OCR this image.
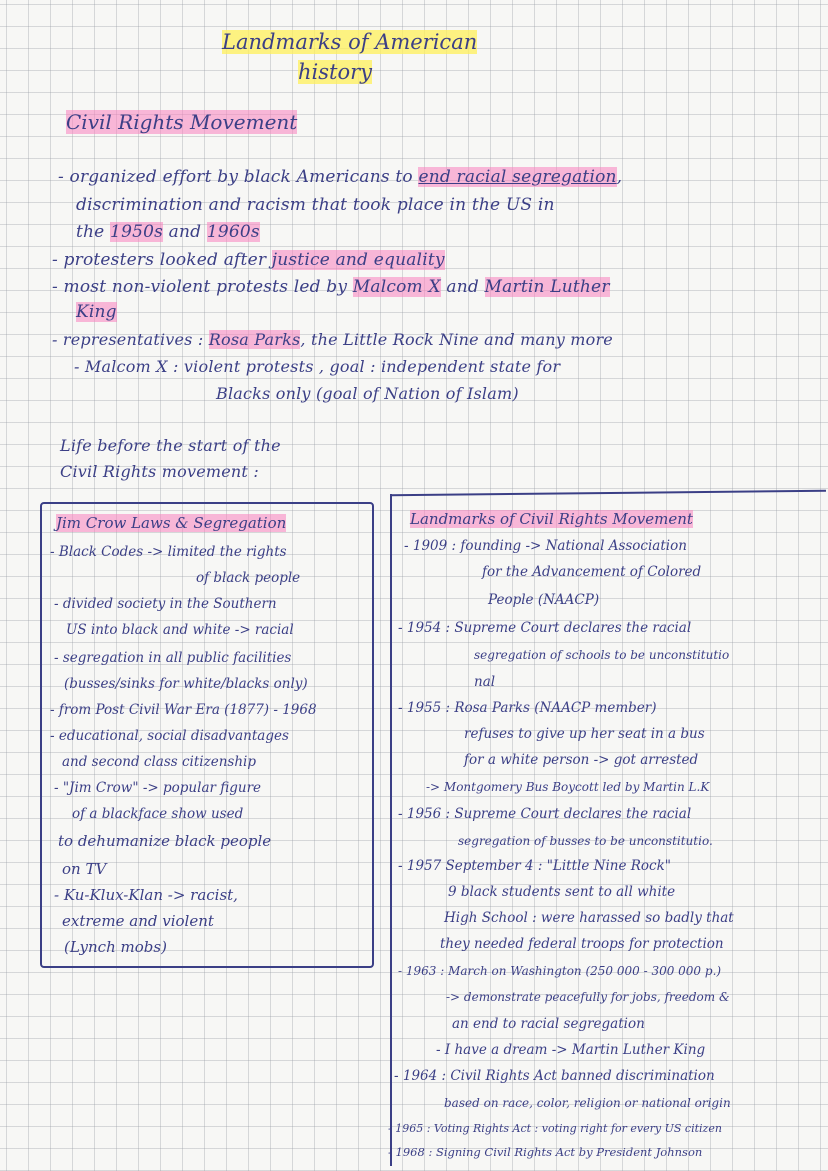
Landmarks of American
history
Civil Rights Movement
- organized effort by black Americans to end racial segregation,
discrimination and racism that took place in the US in
the 1950s and 1960s
- protesters looked after justice and equality
- most non-violent protests led by Malcom X and Martin Luther
King
- representatives : Rosa Parks, the Little Rock Nine and many more
- Malcom X : violent protests , goal : independent state for
Blacks only (goal of Nation of Islam)
Life before the start of the
Civil Rights movement :
Jim Crow Laws & Segregation
- Black Codes -> limited the rights
of black people
- divided society in the Southern
US into black and white -> racial
- segregation in all public facilities
(busses/sinks for white/blacks only)
- from Post Civil War Era (1877) - 1968
- educational, social disadvantages
and second class citizenship
- "Jim Crow" -> popular figure
of a blackface show used
to dehumanize black people
on TV
- Ku-Klux-Klan -> racist,
extreme and violent
(Lynch mobs)
Landmarks of Civil Rights Movement
- 1909 : founding -> National Association
for the Advancement of Colored
People (NAACP)
- 1954 : Supreme Court declares the racial
segregation of schools to be unconstitutio
nal
- 1955 : Rosa Parks (NAACP member)
refuses to give up her seat in a bus
for a white person -> got arrested
-> Montgomery Bus Boycott led by Martin L.K
- 1956 : Supreme Court declares the racial
segregation of busses to be unconstitutio.
- 1957 September 4 : "Little Nine Rock"
9 black students sent to all white
High School : were harassed so badly that
they needed federal troops for protection
- 1963 : March on Washington (250 000 - 300 000 p.)
-> demonstrate peacefully for jobs, freedom &
an end to racial segregation
- I have a dream -> Martin Luther King
- 1964 : Civil Rights Act banned discrimination
based on race, color, religion or national origin
- 1965 : Voting Rights Act : voting right for every US citizen
- 1968 : Signing Civil Rights Act by President Johnson
